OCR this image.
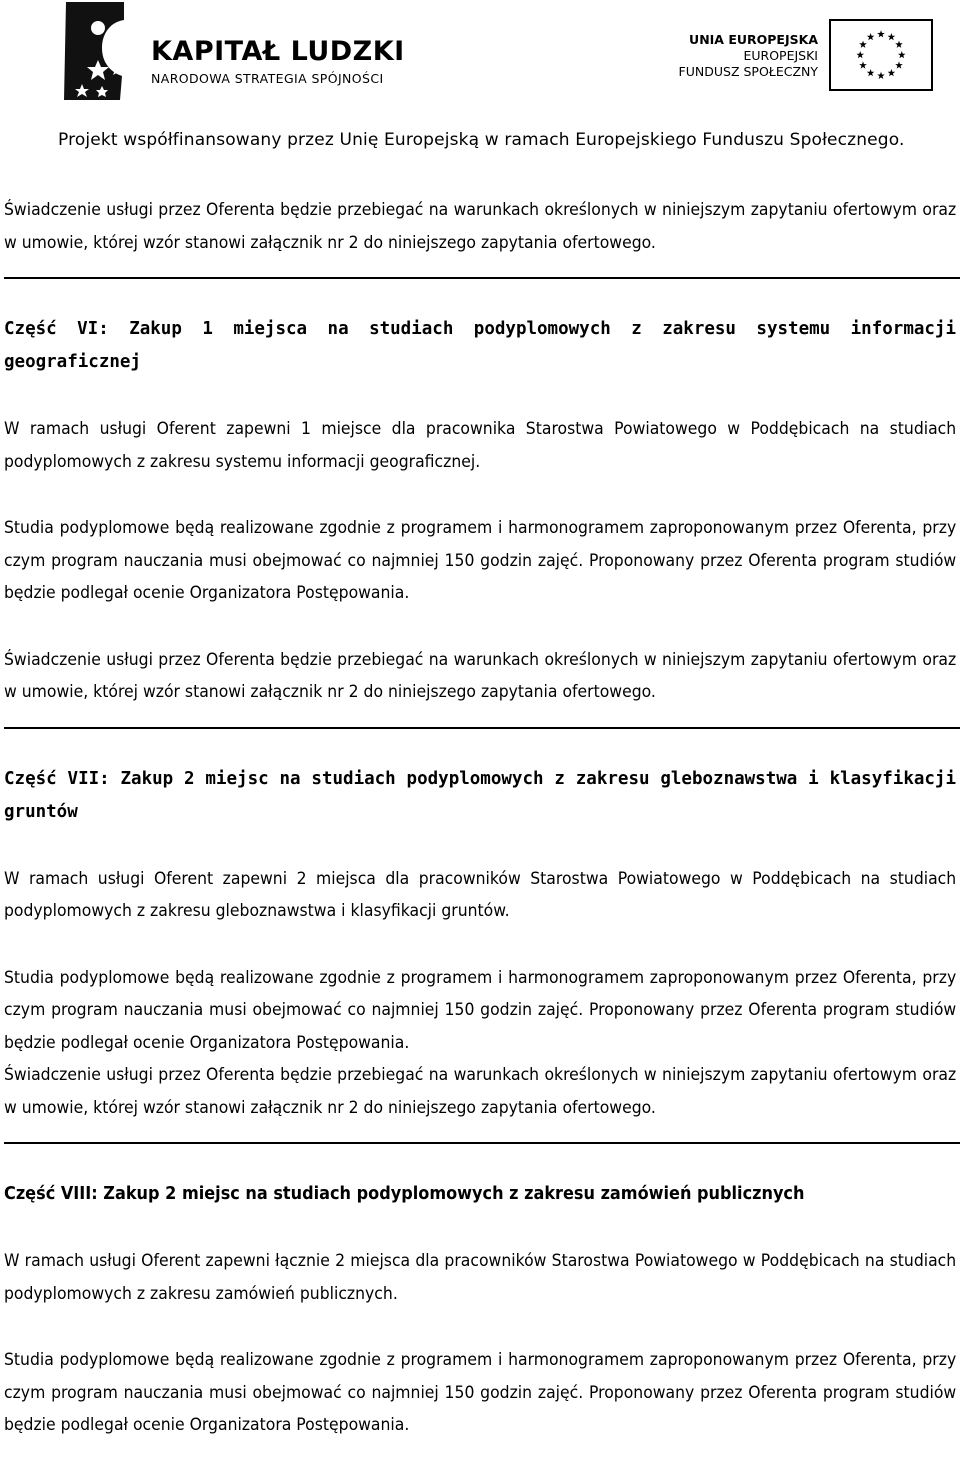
KAPITAŁ LUDZKI
NARODOWA STRATEGIA SPÓJNOŚCI
UNIA EUROPEJSKA
EUROPEJSKI
FUNDUSZ SPOŁECZNY
Projekt współfinansowany przez Unię Europejską w ramach Europejskiego Funduszu Społecznego.

Świadczenie usługi przez Oferenta będzie przebiegać na warunkach określonych w niniejszym zapytaniu ofertowym oraz w umowie, której wzór stanowi załącznik nr 2 do niniejszego zapytania ofertowego.

Część VI: Zakup 1 miejsca na studiach podyplomowych z zakresu systemu informacji geograficznej

W ramach usługi Oferent zapewni 1 miejsce dla pracownika Starostwa Powiatowego w Poddębicach na studiach podyplomowych z zakresu systemu informacji geograficznej.

Studia podyplomowe będą realizowane zgodnie z programem i harmonogramem zaproponowanym przez Oferenta, przy czym program nauczania musi obejmować co najmniej 150 godzin zajęć. Proponowany przez Oferenta program studiów będzie podlegał ocenie Organizatora Postępowania.

Świadczenie usługi przez Oferenta będzie przebiegać na warunkach określonych w niniejszym zapytaniu ofertowym oraz w umowie, której wzór stanowi załącznik nr 2 do niniejszego zapytania ofertowego.

Część VII: Zakup 2 miejsc na studiach podyplomowych z zakresu gleboznawstwa i klasyfikacji gruntów

W ramach usługi Oferent zapewni 2 miejsca dla pracowników Starostwa Powiatowego w Poddębicach na studiach podyplomowych z zakresu gleboznawstwa i klasyfikacji gruntów.

Studia podyplomowe będą realizowane zgodnie z programem i harmonogramem zaproponowanym przez Oferenta, przy czym program nauczania musi obejmować co najmniej 150 godzin zajęć. Proponowany przez Oferenta program studiów będzie podlegał ocenie Organizatora Postępowania.

Świadczenie usługi przez Oferenta będzie przebiegać na warunkach określonych w niniejszym zapytaniu ofertowym oraz w umowie, której wzór stanowi załącznik nr 2 do niniejszego zapytania ofertowego.

Część VIII: Zakup 2 miejsc na studiach podyplomowych z zakresu zamówień publicznych

W ramach usługi Oferent zapewni łącznie 2 miejsca dla pracowników Starostwa Powiatowego w Poddębicach na studiach podyplomowych z zakresu zamówień publicznych.

Studia podyplomowe będą realizowane zgodnie z programem i harmonogramem zaproponowanym przez Oferenta, przy czym program nauczania musi obejmować co najmniej 150 godzin zajęć. Proponowany przez Oferenta program studiów będzie podlegał ocenie Organizatora Postępowania.
